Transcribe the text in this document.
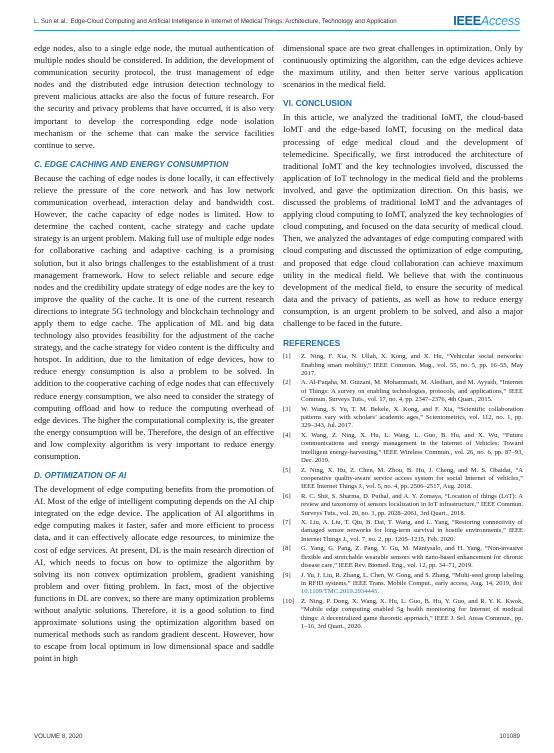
L. Sun et al.: Edge-Cloud Computing and Artificial Intelligence in Internet of Medical Things: Architecture, Technology and Application	IEEEAccess

edge nodes, also to a single edge node, the mutual authentication of multiple nodes should be considered. In addition, the development of communication security protocol, the trust management of edge nodes and the distributed edge intrusion detection technology to prevent malicious attacks are also the focus of future research. For the security and privacy problems that have occurred, it is also very important to develop the corresponding edge node isolation mechanism or the scheme that can make the service facilities continue to serve.

C. EDGE CACHING AND ENERGY CONSUMPTION

Because the caching of edge nodes is done locally, it can effectively relieve the pressure of the core network and has low network communication overhead, interaction delay and bandwidth cost. However, the cache capacity of edge nodes is limited. How to determine the cached content, cache strategy and cache update strategy is an urgent problem. Making full use of multiple edge nodes for collaborative caching and adaptive caching is a promising solution, but it also brings challenges to the establishment of a trust management framework. How to select reliable and secure edge nodes and the credibility update strategy of edge nodes are the key to improve the quality of the cache. It is one of the current research directions to integrate 5G technology and blockchain technology and apply them to edge cache. The application of ML and big data technology also provides feasibility for the adjustment of the cache strategy, and the cache strategy for video content is the difficulty and hotspot. In addition, due to the limitation of edge devices, how to reduce energy consumption is also a problem to be solved. In addition to the cooperative caching of edge nodes that can effectively reduce energy consumption, we also need to consider the strategy of computing offload and how to reduce the computing overhead of edge devices. The higher the computational complexity is, the greater the energy consumption will be. Therefore, the design of an effective and low complexity algorithm is very important to reduce energy consumption.

D. OPTIMIZATION OF AI

The development of edge computing benefits from the promotion of AI. Most of the edge of intelligent computing depends on the AI chip integrated on the edge device. The application of AI algorithms in edge computing makes it faster, safer and more efficient to process data, and it can effectively allocate edge resources, to minimize the cost of edge services. At present, DL is the main research direction of AI, which needs to focus on how to optimize the algorithm by solving its non convex optimization problem, gradient vanishing problem and over fitting problem. In fact, most of the objective functions in DL are convex, so there are many optimization problems without analytic solutions. Therefore, it is a good solution to find approximate solutions using the optimization algorithm based on numerical methods such as random gradient descent. However, how to escape from local optimum in low dimensional space and saddle point in high

dimensional space are two great challenges in optimization. Only by continuously optimizing the algorithm, can the edge devices achieve the maximum utility, and then better serve various application scenarios in the medical field.

VI. CONCLUSION

In this article, we analyzed the traditional IoMT, the cloud-based IoMT and the edge-based IoMT, focusing on the medical data processing of edge medical cloud and the development of telemedicine. Specifically, we first introduced the architecture of traditional IoMT and the key technologies involved, discussed the application of IoT technology in the medical field and the problems involved, and gave the optimization direction. On this basis, we discussed the problems of traditional IoMT and the advantages of applying cloud computing to IoMT, analyzed the key technologies of cloud computing, and focused on the data security of medical cloud. Then, we analyzed the advantages of edge computing compared with cloud computing and discussed the optimization of edge computing, and proposed that edge cloud collaboration can achieve maximum utility in the medical field. We believe that with the continuous development of the medical field, to ensure the security of medical data and the privacy of patients, as well as how to reduce energy consumption, is an urgent problem to be solved, and also a major challenge to be faced in the future.

REFERENCES
[1] Z. Ning, F. Xia, N. Ullah, X. Kong, and X. Hu, “Vehicular social networks: Enabling smart mobility,” IEEE Commun. Mag., vol. 55, no. 5, pp. 16–55, May 2017.
[2] A. Al-Fuqaha, M. Guizani, M. Mohammadi, M. Aledhari, and M. Ayyash, “Internet of Things: A survey on enabling technologies, protocols, and applications,” IEEE Commun. Surveys Tuts., vol. 17, no. 4, pp. 2347–2376, 4th Quart., 2015.
[3] W. Wang, S. Yu, T. M. Bekele, X. Kong, and F. Xia, “Scientific collaboration patterns vary with scholars’ academic ages,” Scientometrics, vol. 112, no. 1, pp. 329–343, Jul. 2017.
[4] X. Wang, Z. Ning, X. Hu, L. Wang, L. Guo, B. Hu, and X. Wu, “Future communications and energy management in the Internet of Vehicles: Toward intelligent energy-harvesting,” IEEE Wireless Commun., vol. 26, no. 6, pp. 87–93, Dec. 2019.
[5] Z. Ning, X. Hu, Z. Chen, M. Zhou, B. Hu, J. Cheng, and M. S. Obaidat, “A cooperative quality-aware service access system for social Internet of vehicles,” IEEE Internet Things J., vol. 5, no. 4, pp. 2506–2517, Aug. 2018.
[6] R. C. Shit, S. Sharma, D. Puthal, and A. Y. Zomaya, “Location of things (LoT): A review and taxonomy of sensors localization in IoT infrastructure,” IEEE Commun. Surveys Tuts., vol. 20, no. 3, pp. 2028–2061, 3rd Quart., 2018.
[7] X. Liu, A. Liu, T. Qiu, B. Dai, T. Wang, and L. Yang, “Restoring connectivity of damaged sensor networks for long-term survival in hostile environments,” IEEE Internet Things J., vol. 7, no. 2, pp. 1205–1215, Feb. 2020.
[8] G. Yang, G. Pang, Z. Pang, Y. Gu, M. Mäntysalo, and H. Yang, “Non-invasive flexible and stretchable wearable sensors with nano-based enhancement for chronic disease care,” IEEE Rev. Biomed. Eng., vol. 12, pp. 34–71, 2019.
[9] J. Yu, J. Liu, R. Zhang, L. Chen, W. Gong, and S. Zhang, “Multi-seed group labeling in RFID systems,” IEEE Trans. Mobile Comput., early access, Aug. 14, 2019, doi: 10.1109/TMC.2019.2934445.
[10] Z. Ning, P. Dong, X. Wang, X. Hu, L. Guo, B. Hu, Y. Guo, and R. Y. K. Kwok, “Mobile edge computing enabled 5g health monitoring for Internet of medical things: A decentralized game theoretic approach,” IEEE J. Sel. Areas Commun., pp. 1–16, 3rd Quart., 2020.
VOLUME 8, 2020	101089
